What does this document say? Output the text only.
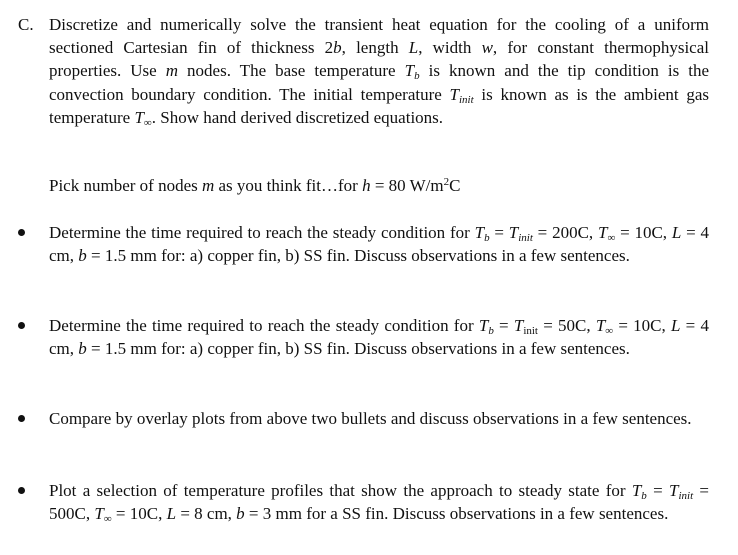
C. Discretize and numerically solve the transient heat equation for the cooling of a uniform sectioned Cartesian fin of thickness 2b, length L, width w, for constant thermophysical properties. Use m nodes. The base temperature $T_b$ is known and the tip condition is the convection boundary condition. The initial temperature $T_{init}$ is known as is the ambient gas temperature $T_\infty$. Show hand derived discretized equations.
Pick number of nodes m as you think fit…for h = 80 $W/m^2C$
Determine the time required to reach the steady condition for $T_b = T_{init} = 200C$, $T_\infty = 10C$, L = 4 cm, b = 1.5 mm for: a) copper fin, b) SS fin. Discuss observations in a few sentences.
Determine the time required to reach the steady condition for $T_b = T_{init} = 50C$, $T_\infty = 10C$, L = 4 cm, b = 1.5 mm for: a) copper fin, b) SS fin. Discuss observations in a few sentences.
Compare by overlay plots from above two bullets and discuss observations in a few sentences.
Plot a selection of temperature profiles that show the approach to steady state for $T_b = T_{init} = 500C$, $T_\infty = 10C$, L = 8 cm, b = 3 mm for a SS fin. Discuss observations in a few sentences.
